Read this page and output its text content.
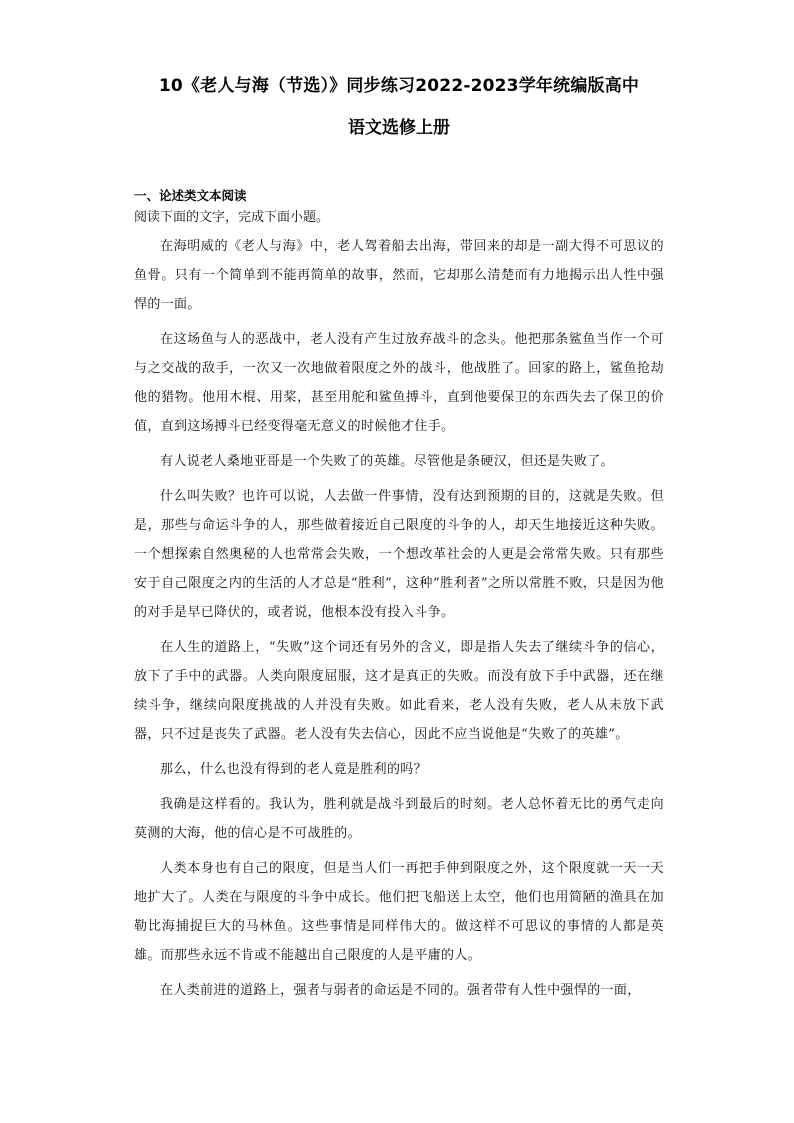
10《老人与海（节选）》同步练习2022-2023学年统编版高中
语文选修上册
一、论述类文本阅读

阅读下面的文字，完成下面小题。

在海明威的《老人与海》中，老人驾着船去出海，带回来的却是一副大得不可思议的鱼骨。只有一个简单到不能再简单的故事，然而，它却那么清楚而有力地揭示出人性中强悍的一面。

在这场鱼与人的恶战中，老人没有产生过放弃战斗的念头。他把那条鲨鱼当作一个可与之交战的敌手，一次又一次地做着限度之外的战斗，他战胜了。回家的路上，鲨鱼抢劫他的猎物。他用木棍、用桨，甚至用舵和鲨鱼搏斗，直到他要保卫的东西失去了保卫的价值，直到这场搏斗已经变得毫无意义的时候他才住手。

有人说老人桑地亚哥是一个失败了的英雄。尽管他是条硬汉，但还是失败了。

什么叫失败？也许可以说，人去做一件事情，没有达到预期的目的，这就是失败。但是，那些与命运斗争的人，那些做着接近自己限度的斗争的人，却天生地接近这种失败。一个想探索自然奥秘的人也常常会失败，一个想改革社会的人更是会常常失败。只有那些安于自己限度之内的生活的人才总是“胜利”，这种“胜利者”之所以常胜不败，只是因为他的对手是早已降伏的，或者说，他根本没有投入斗争。

在人生的道路上，“失败”这个词还有另外的含义，即是指人失去了继续斗争的信心，放下了手中的武器。人类向限度屈服，这才是真正的失败。而没有放下手中武器，还在继续斗争，继续向限度挑战的人并没有失败。如此看来，老人没有失败，老人从未放下武器，只不过是丧失了武器。老人没有失去信心，因此不应当说他是“失败了的英雄”。

那么，什么也没有得到的老人竟是胜利的吗？

我确是这样看的。我认为，胜利就是战斗到最后的时刻。老人总怀着无比的勇气走向莫测的大海，他的信心是不可战胜的。

人类本身也有自己的限度，但是当人们一再把手伸到限度之外，这个限度就一天一天地扩大了。人类在与限度的斗争中成长。他们把飞船送上太空，他们也用简陋的渔具在加勒比海捕捉巨大的马林鱼。这些事情是同样伟大的。做这样不可思议的事情的人都是英雄。而那些永远不肯或不能越出自己限度的人是平庸的人。

在人类前进的道路上，强者与弱者的命运是不同的。强者带有人性中强悍的一面，
